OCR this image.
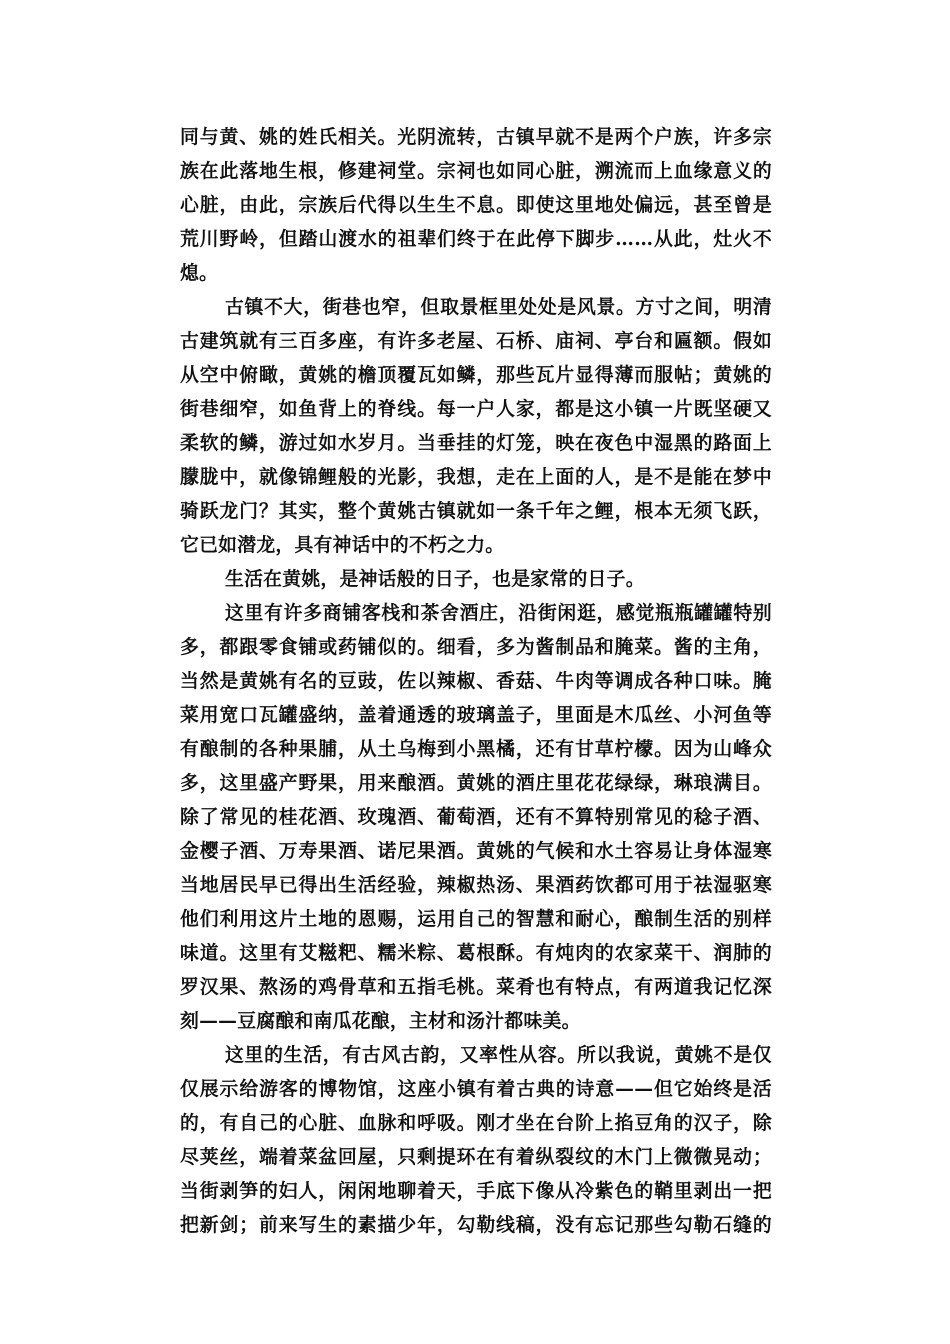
同与黄、姚的姓氏相关。光阴流转，古镇早就不是两个户族，许多宗
族在此落地生根，修建祠堂。宗祠也如同心脏，溯流而上血缘意义的
心脏，由此，宗族后代得以生生不息。即使这里地处偏远，甚至曾是
荒川野岭，但踏山渡水的祖辈们终于在此停下脚步……从此，灶火不
熄。
古镇不大，街巷也窄，但取景框里处处是风景。方寸之间，明清
古建筑就有三百多座，有许多老屋、石桥、庙祠、亭台和匾额。假如
从空中俯瞰，黄姚的檐顶覆瓦如鳞，那些瓦片显得薄而服帖；黄姚的
街巷细窄，如鱼背上的脊线。每一户人家，都是这小镇一片既坚硬又
柔软的鳞，游过如水岁月。当垂挂的灯笼，映在夜色中湿黑的路面上
朦胧中，就像锦鲤般的光影，我想，走在上面的人，是不是能在梦中
骑跃龙门？其实，整个黄姚古镇就如一条千年之鲤，根本无须飞跃，
它已如潜龙，具有神话中的不朽之力。
生活在黄姚，是神话般的日子，也是家常的日子。
这里有许多商铺客栈和茶舍酒庄，沿街闲逛，感觉瓶瓶罐罐特别
多，都跟零食铺或药铺似的。细看，多为酱制品和腌菜。酱的主角，
当然是黄姚有名的豆豉，佐以辣椒、香菇、牛肉等调成各种口味。腌
菜用宽口瓦罐盛纳，盖着通透的玻璃盖子，里面是木瓜丝、小河鱼等
有酿制的各种果脯，从土乌梅到小黑橘，还有甘草柠檬。因为山峰众
多，这里盛产野果，用来酿酒。黄姚的酒庄里花花绿绿，琳琅满目。
除了常见的桂花酒、玫瑰酒、葡萄酒，还有不算特别常见的稔子酒、
金樱子酒、万寿果酒、诺尼果酒。黄姚的气候和水土容易让身体湿寒
当地居民早已得出生活经验，辣椒热汤、果酒药饮都可用于祛湿驱寒
他们利用这片土地的恩赐，运用自己的智慧和耐心，酿制生活的别样
味道。这里有艾糍粑、糯米粽、葛根酥。有炖肉的农家菜干、润肺的
罗汉果、熬汤的鸡骨草和五指毛桃。菜肴也有特点，有两道我记忆深
刻——豆腐酿和南瓜花酿，主材和汤汁都味美。
这里的生活，有古风古韵，又率性从容。所以我说，黄姚不是仅
仅展示给游客的博物馆，这座小镇有着古典的诗意——但它始终是活
的，有自己的心脏、血脉和呼吸。刚才坐在台阶上掐豆角的汉子，除
尽荚丝，端着菜盆回屋，只剩提环在有着纵裂纹的木门上微微晃动；
当街剥笋的妇人，闲闲地聊着天，手底下像从冷紫色的鞘里剥出一把
把新剑；前来写生的素描少年，勾勒线稿，没有忘记那些勾勒石缝的
